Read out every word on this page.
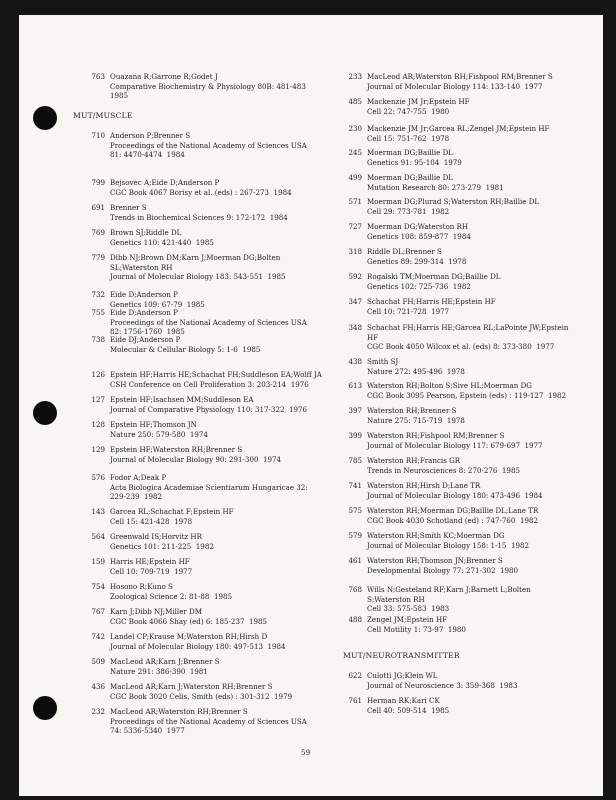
763 Ouazana R;Garrone R;Godet J
Comparative Biochemistry & Physiology 80B: 481-483
1985
MUT/MUSCLE
710 Anderson P;Brenner S
Proceedings of the National Academy of Sciences USA
81: 4470-4474  1984
799 Bejsovec A;Eide D;Anderson P
CGC Book 4067 Borisy et al. (eds) : 267-273  1984
691 Brenner S
Trends in Biochemical Sciences 9: 172-172  1984
769 Brown SJ;Riddle DL
Genetics 110: 421-440  1985
779 Dibb NJ;Brown DM;Karn J;Moerman DG;Bolten
SL;Waterston RH
Journal of Molecular Biology 183: 543-551  1985
732 Eide D;Anderson P
Genetics 109: 67-79  1985
755 Eide D;Anderson P
Proceedings of the National Academy of Sciences USA
82: 1756-1760  1985
738 Eide DJ;Anderson P
Molecular & Cellular Biology 5: 1-6  1985
126 Epstein HF;Harris HE;Schachat FH;Suddleson EA;Wolff JA
CSH Conference on Cell Proliferation 3: 203-214  1976
127 Epstein HF;Isachsen MM;Suddleson EA
Journal of Comparative Physiology 110: 317-322  1976
128 Epstein HF;Thomson JN
Nature 250: 579-580  1974
129 Epstein HF;Waterston RH;Brenner S
Journal of Molecular Biology 90: 291-300  1974
576 Fodor A;Deak P
Acta Biologica Academiae Scientiarum Hungaricae 32:
229-239  1982
143 Garcea RL;Schachat F;Epstein HF
Cell 15: 421-428  1978
564 Greenwald IS;Horvitz HR
Genetics 101: 211-225  1982
159 Harris HE;Epstein HF
Cell 10: 709-719  1977
754 Hosono R;Kuno S
Zoological Science 2: 81-88  1985
767 Karn J;Dibb NJ;Miller DM
CGC Book 4066 Shay (ed) 6: 185-237  1985
742 Landel CP;Krause M;Waterston RH;Hirsh D
Journal of Molecular Biology 180: 497-513  1984
509 MacLeod AR;Karn J;Brenner S
Nature 291: 386-390  1981
436 MacLeod AR;Karn J;Waterston RH;Brenner S
CGC Book 3020 Celis, Smith (eds) : 301-312  1979
232 MacLeod AR;Waterston RH;Brenner S
Proceedings of the National Academy of Sciences USA
74: 5336-5340  1977
233 MacLeod AR;Waterston RH;Fishpool RM;Brenner S
Journal of Molecular Biology 114: 133-140  1977
485 Mackenzie JM Jr;Epstein HF
Cell 22: 747-755  1980
230 Mackenzie JM Jr;Garcea RL;Zengel JM;Epstein HF
Cell 15: 751-762  1978
245 Moerman DG;Baillie DL
Genetics 91: 95-104  1979
499 Moerman DG;Baillie DL
Mutation Research 80: 273-279  1981
571 Moerman DG;Plurad S;Waterston RH;Baillie DL
Cell 29: 773-781  1982
727 Moerman DG;Waterston RH
Genetics 108: 859-877  1984
318 Riddle DL;Brenner S
Genetics 89: 299-314  1978
592 Rogalski TM;Moerman DG;Baillie DL
Genetics 102: 725-736  1982
347 Schachat FH;Harris HE;Epstein HF
Cell 10: 721-728  1977
348 Schachat FH;Harris HE;Garcea RL;LaPointe JW;Epstein
HF
CGC Book 4050 Wilcox et al. (eds) 8: 373-380  1977
438 Smith SJ
Nature 272: 495-496  1978
613 Waterston RH;Bolton S;Sive HL;Moerman DG
CGC Book 3095 Pearson, Epstein (eds) : 119-127  1982
397 Waterston RH;Brenner S
Nature 275: 715-719  1978
399 Waterston RH;Fishpool RM;Brenner S
Journal of Molecular Biology 117: 679-697  1977
785 Waterston RH;Francis GR
Trends in Neurosciences 8: 270-276  1985
741 Waterston RH;Hirsh D;Lane TR
Journal of Molecular Biology 180: 473-496  1984
575 Waterston RH;Moerman DG;Baillie DL;Lane TR
CGC Book 4030 Schotland (ed) : 747-760  1982
579 Waterston RH;Smith KC;Moerman DG
Journal of Molecular Biology 158: 1-15  1982
461 Waterston RH;Thomson JN;Brenner S
Developmental Biology 77: 271-302  1980
768 Wills N;Gesteland RF;Karn J;Barnett L;Bolten
S;Waterston RH
Cell 33: 575-583  1983
488 Zengel JM;Epstein HF
Cell Motility 1: 73-97  1980
MUT/NEUROTRANSMITTER
622 Culotti JG;Klein WL
Journal of Neuroscience 3: 359-368  1983
761 Herman RK;Kari CK
Cell 40: 509-514  1985
59
